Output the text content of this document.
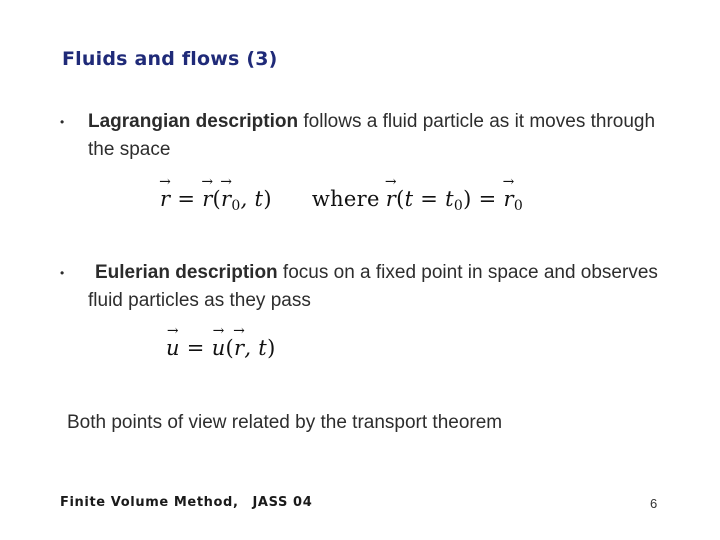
Fluids and flows (3)
• Lagrangian description follows a fluid particle as it moves through the space
→ r = → $r(\to r_0$, t) where→ $r(t = t_0)$ = → $r_0$
•	Eulerian description focus on a fixed point in space and observes fluid particles as they pass
→ u = → u(→ r, t)
Both points of view related by the transport theorem
Finite Volume Method, JASS 04	6
